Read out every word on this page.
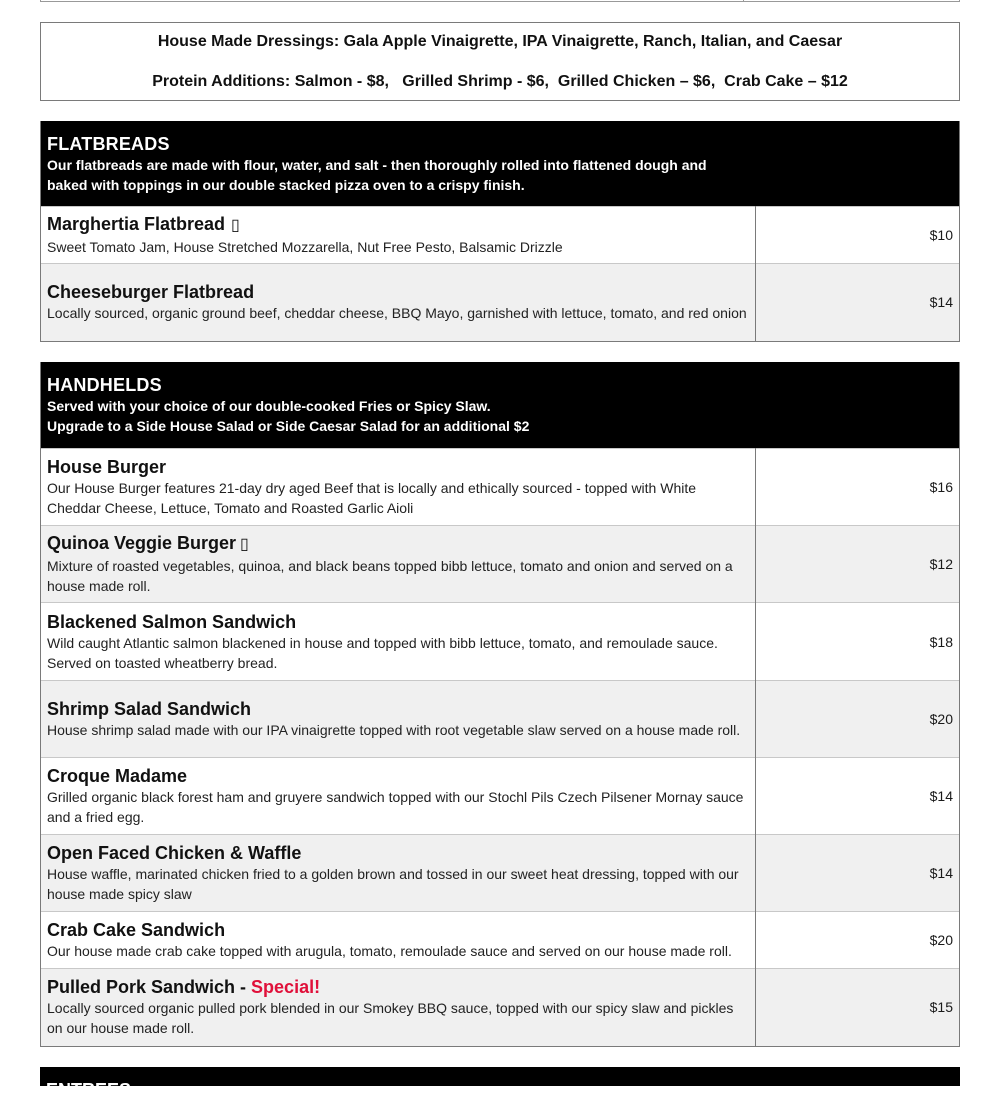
House Made Dressings: Gala Apple Vinaigrette, IPA Vinaigrette, Ranch, Italian, and Caesar
Protein Additions: Salmon - $8,   Grilled Shrimp - $6,  Grilled Chicken – $6,  Crab Cake – $12
FLATBREADS
Our flatbreads are made with flour, water, and salt - then thoroughly rolled into flattened dough and baked with toppings in our double stacked pizza oven to a crispy finish.
Marghertia Flatbread ▯
Sweet Tomato Jam, House Stretched Mozzarella, Nut Free Pesto, Balsamic Drizzle	$10

Cheeseburger Flatbread
Locally sourced, organic ground beef, cheddar cheese, BBQ Mayo, garnished with lettuce, tomato, and red onion	$14
HANDHELDS
Served with your choice of our double-cooked Fries or Spicy Slaw.
Upgrade to a Side House Salad or Side Caesar Salad for an additional $2
House Burger
Our House Burger features 21-day dry aged Beef that is locally and ethically sourced - topped with White Cheddar Cheese, Lettuce, Tomato and Roasted Garlic Aioli	$16

Quinoa Veggie Burger ▯
Mixture of roasted vegetables, quinoa, and black beans topped bibb lettuce, tomato and onion and served on a house made roll.	$12

Blackened Salmon Sandwich
Wild caught Atlantic salmon blackened in house and topped with bibb lettuce, tomato, and remoulade sauce. Served on toasted wheatberry bread.	$18

Shrimp Salad Sandwich
House shrimp salad made with our IPA vinaigrette topped with root vegetable slaw served on a house made roll.	$20

Croque Madame
Grilled organic black forest ham and gruyere sandwich topped with our Stochl Pils Czech Pilsener Mornay sauce and a fried egg.	$14

Open Faced Chicken & Waffle
House waffle, marinated chicken fried to a golden brown and tossed in our sweet heat dressing, topped with our house made spicy slaw	$14

Crab Cake Sandwich
Our house made crab cake topped with arugula, tomato, remoulade sauce and served on our house made roll.	$20

Pulled Pork Sandwich - Special!
Locally sourced organic pulled pork blended in our Smokey BBQ sauce, topped with our spicy slaw and pickles on our house made roll.	$15
ENTREES
